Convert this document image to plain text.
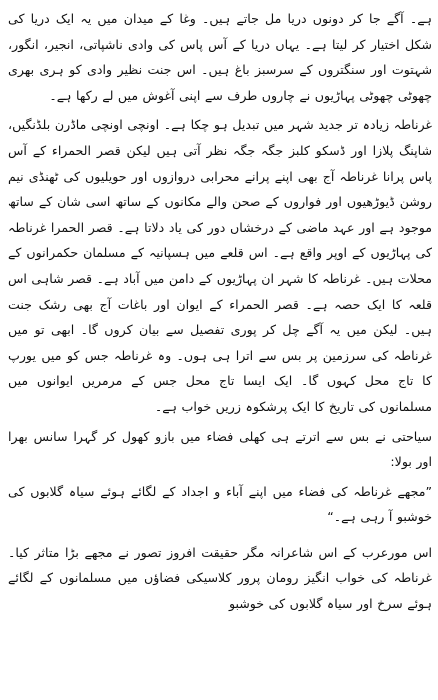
ہے۔ آگے جا کر دونوں دریا مل جاتے ہیں۔ وغا کے میدان میں یہ ایک دریا کی شکل اختیار کر لیتا ہے۔ یہاں دریا کے آس پاس کی وادی ناشپاتی، انجیر، انگور، شہتوت اور سنگتروں کے سرسبز باغ ہیں۔ اس جنت نظیر وادی کو ہری بھری چھوٹی چھوٹی پہاڑیوں نے چاروں طرف سے اپنی آغوش میں لے رکھا ہے۔

غرناطہ زیادہ تر جدید شہر میں تبدیل ہو چکا ہے۔ اونچی اونچی ماڈرن بلڈنگیں، شاپنگ پلازا اور ڈسکو کلبز جگہ جگہ نظر آتی ہیں لیکن قصر الحمراء کے آس پاس پرانا غرناطہ آج بھی اپنے پرانے محرابی دروازوں اور حویلیوں کی ٹھنڈی نیم روشن ڈیوڑھیوں اور فواروں کے صحن والے مکانوں کے ساتھ اسی شان کے ساتھ موجود ہے اور عہد ماضی کے درخشاں دور کی یاد دلاتا ہے۔ قصر الحمرا غرناطہ کی پہاڑیوں کے اوپر واقع ہے۔ اس قلعے میں ہسپانیہ کے مسلمان حکمرانوں کے محلات ہیں۔ غرناطہ کا شہر ان پہاڑیوں کے دامن میں آباد ہے۔ قصر شاہی اس قلعہ کا ایک حصہ ہے۔ قصر الحمراء کے ایوان اور باغات آج بھی رشک جنت ہیں۔ لیکن میں یہ آگے چل کر پوری تفصیل سے بیان کروں گا۔ ابھی تو میں غرناطہ کی سرزمین پر بس سے اترا ہی ہوں۔ وہ غرناطہ جس کو میں یورپ کا تاج محل کہوں گا۔ ایک ایسا تاج محل جس کے مرمریں ایوانوں میں مسلمانوں کی تاریخ کا ایک پرشکوہ زریں خواب ہے۔

سیاحتی نے بس سے اترتے ہی کھلی فضاء میں بازو کھول کر گہرا سانس بھرا اور بولا:

”مجھے غرناطہ کی فضاء میں اپنے آباء و اجداد کے لگائے ہوئے سیاہ گلابوں کی خوشبو آ رہی ہے۔“

اس مورعرب کے اس شاعرانہ مگر حقیقت افروز تصور نے مجھے بڑا متاثر کیا۔ غرناطہ کی خواب انگیز رومان پرور کلاسیکی فضاؤں میں مسلمانوں کے لگائے ہوئے سرخ اور سیاہ گلابوں کی خوشبو
